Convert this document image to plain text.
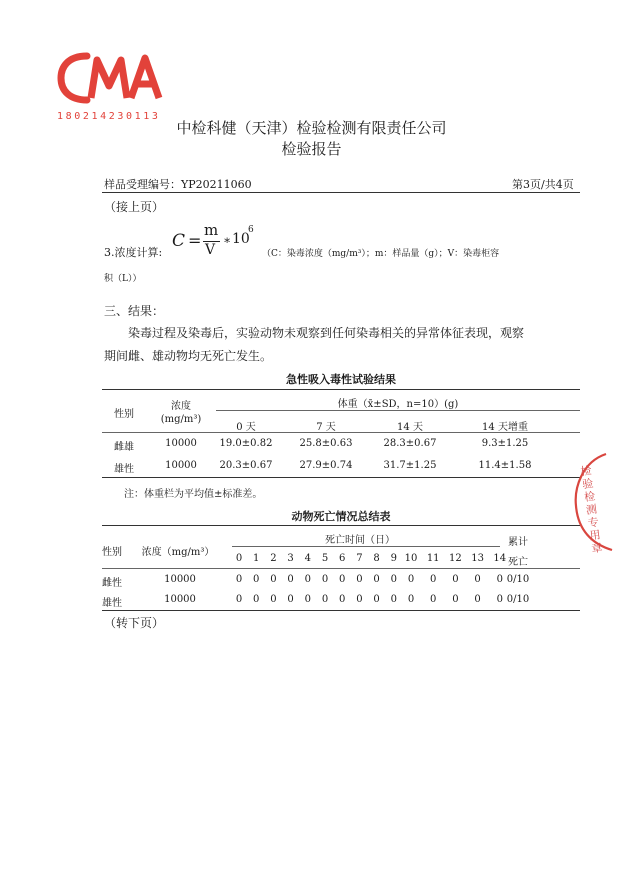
180214230113
中检科健（天津）检验检测有限责任公司
检验报告
样品受理编号：YP20211060	第3页/共4页
（接上页）
3.浓度计算:
C =
m
V
∗ 10
6
（C：染毒浓度（mg/m³）；m：样品量（g）；V：染毒柜容
积（L））
三、结果：
染毒过程及染毒后，实验动物未观察到任何染毒相关的异常体征表现，观察
期间雌、雄动物均无死亡发生。
急性吸入毒性试验结果
性别
浓度
(mg/m³)
体重（x̄±SD，n=10）(g)
0 天	7 天	14 天	14 天增重
雌雄	10000	19.0±0.82	25.8±0.63	28.3±0.67	9.3±1.25
雄性	10000	20.3±0.67	27.9±0.74	31.7±1.25	11.4±1.58
注：体重栏为平均值±标准差。
动物死亡情况总结表
性别 浓度（mg/m³）
死亡时间（日）	累计
死亡
0	1	2	3	4	5	6	7	8	9 10 11 12 13 14
雌性	10000	0	0	0	0	0	0	0	0	0	0	0	0	0	0	0 0/10
雄性	10000	0	0	0	0	0	0	0	0	0	0	0	0	0	0	0 0/10
（转下页）
检验检测专用章
